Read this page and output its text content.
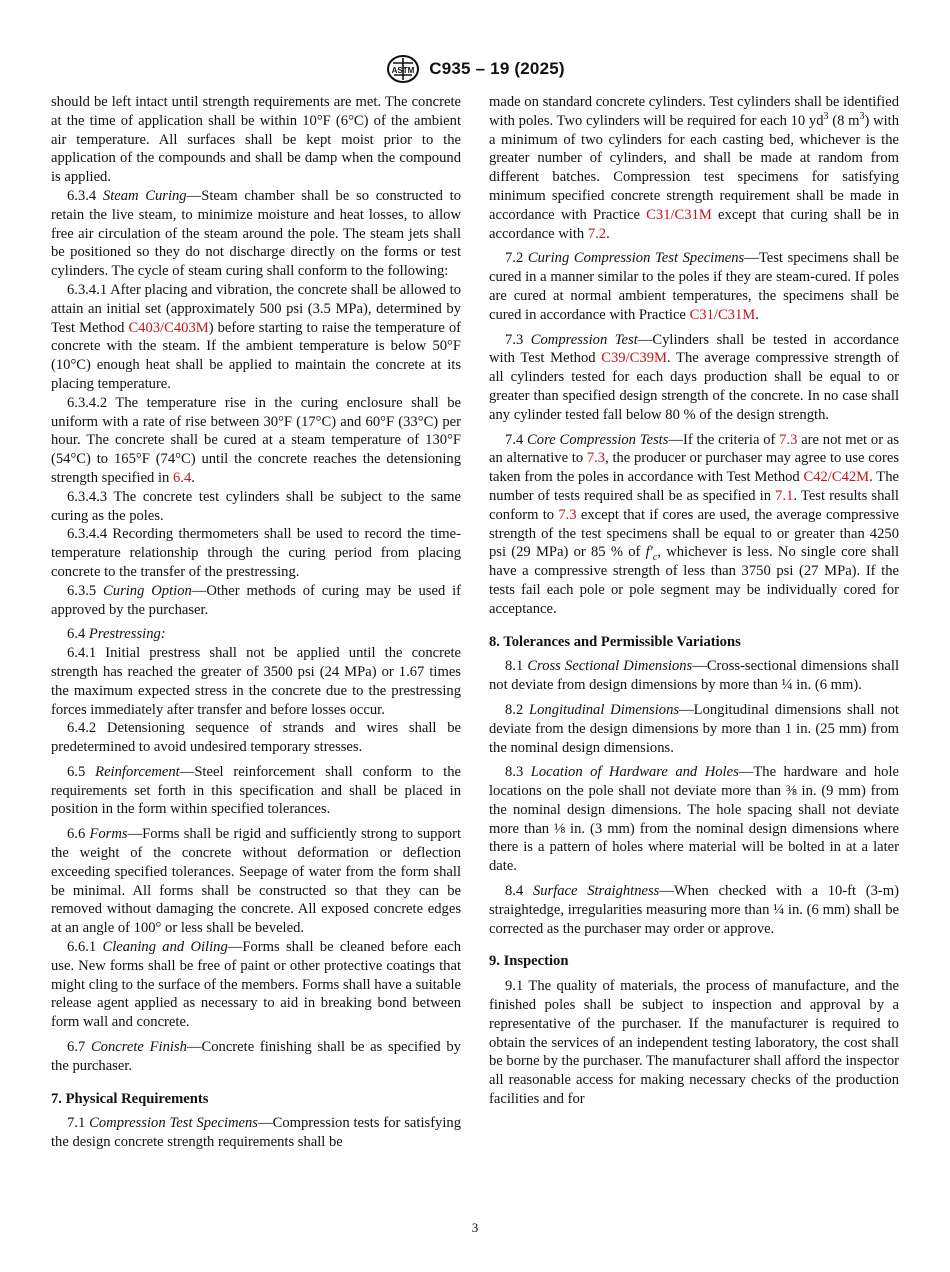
ASTM C935 – 19 (2025)

should be left intact until strength requirements are met. The concrete at the time of application shall be within 10°F (6°C) of the ambient air temperature. All surfaces shall be kept moist prior to the application of the compounds and shall be damp when the compound is applied.

6.3.4 Steam Curing—Steam chamber shall be so constructed to retain the live steam, to minimize moisture and heat losses, to allow free air circulation of the steam around the pole. The steam jets shall be positioned so they do not discharge directly on the forms or test cylinders. The cycle of steam curing shall conform to the following:

6.3.4.1 After placing and vibration, the concrete shall be allowed to attain an initial set (approximately 500 psi (3.5 MPa), determined by Test Method C403/C403M) before starting to raise the temperature of concrete with the steam. If the ambient temperature is below 50°F (10°C) enough heat shall be applied to maintain the concrete at its placing temperature.

6.3.4.2 The temperature rise in the curing enclosure shall be uniform with a rate of rise between 30°F (17°C) and 60°F (33°C) per hour. The concrete shall be cured at a steam temperature of 130°F (54°C) to 165°F (74°C) until the concrete reaches the detensioning strength specified in 6.4.

6.3.4.3 The concrete test cylinders shall be subject to the same curing as the poles.

6.3.4.4 Recording thermometers shall be used to record the time-temperature relationship through the curing period from placing concrete to the transfer of the prestressing.

6.3.5 Curing Option—Other methods of curing may be used if approved by the purchaser.

6.4 Prestressing:

6.4.1 Initial prestress shall not be applied until the concrete strength has reached the greater of 3500 psi (24 MPa) or 1.67 times the maximum expected stress in the concrete due to the prestressing forces immediately after transfer and before losses occur.

6.4.2 Detensioning sequence of strands and wires shall be predetermined to avoid undesired temporary stresses.

6.5 Reinforcement—Steel reinforcement shall conform to the requirements set forth in this specification and shall be placed in position in the form within specified tolerances.

6.6 Forms—Forms shall be rigid and sufficiently strong to support the weight of the concrete without deformation or deflection exceeding specified tolerances. Seepage of water from the form shall be minimal. All forms shall be constructed so that they can be removed without damaging the concrete. All exposed concrete edges at an angle of 100° or less shall be beveled.

6.6.1 Cleaning and Oiling—Forms shall be cleaned before each use. New forms shall be free of paint or other protective coatings that might cling to the surface of the members. Forms shall have a suitable release agent applied as necessary to aid in breaking bond between form wall and concrete.

6.7 Concrete Finish—Concrete finishing shall be as specified by the purchaser.

7. Physical Requirements

7.1 Compression Test Specimens—Compression tests for satisfying the design concrete strength requirements shall be

made on standard concrete cylinders. Test cylinders shall be identified with poles. Two cylinders will be required for each 10 $yd^3$ (8 $m^3$) with a minimum of two cylinders for each casting bed, whichever is the greater number of cylinders, and shall be made at random from different batches. Compression test specimens for satisfying minimum specified concrete strength requirement shall be made in accordance with Practice C31/C31M except that curing shall be in accordance with 7.2.

7.2 Curing Compression Test Specimens—Test specimens shall be cured in a manner similar to the poles if they are steam-cured. If poles are cured at normal ambient temperatures, the specimens shall be cured in accordance with Practice C31/C31M.

7.3 Compression Test—Cylinders shall be tested in accordance with Test Method C39/C39M. The average compressive strength of all cylinders tested for each days production shall be equal to or greater than specified design strength of the concrete. In no case shall any cylinder tested fall below 80 % of the design strength.

7.4 Core Compression Tests—If the criteria of 7.3 are not met or as an alternative to 7.3, the producer or purchaser may agree to use cores taken from the poles in accordance with Test Method C42/C42M. The number of tests required shall be as specified in 7.1. Test results shall conform to 7.3 except that if cores are used, the average compressive strength of the test specimens shall be equal to or greater than 4250 psi (29 MPa) or 85 % of $f'_c$, whichever is less. No single core shall have a compressive strength of less than 3750 psi (27 MPa). If the tests fail each pole or pole segment may be individually cored for acceptance.

8. Tolerances and Permissible Variations

8.1 Cross Sectional Dimensions—Cross-sectional dimensions shall not deviate from design dimensions by more than ¼ in. (6 mm).

8.2 Longitudinal Dimensions—Longitudinal dimensions shall not deviate from the design dimensions by more than 1 in. (25 mm) from the nominal design dimensions.

8.3 Location of Hardware and Holes—The hardware and hole locations on the pole shall not deviate more than ⅜ in. (9 mm) from the nominal design dimensions. The hole spacing shall not deviate more than ⅛ in. (3 mm) from the nominal design dimensions where there is a pattern of holes where material will be bolted in at a later date.

8.4 Surface Straightness—When checked with a 10-ft (3-m) straightedge, irregularities measuring more than ¼ in. (6 mm) shall be corrected as the purchaser may order or approve.

9. Inspection

9.1 The quality of materials, the process of manufacture, and the finished poles shall be subject to inspection and approval by a representative of the purchaser. If the manufacturer is required to obtain the services of an independent testing laboratory, the cost shall be borne by the purchaser. The manufacturer shall afford the inspector all reasonable access for making necessary checks of the production facilities and for

3
